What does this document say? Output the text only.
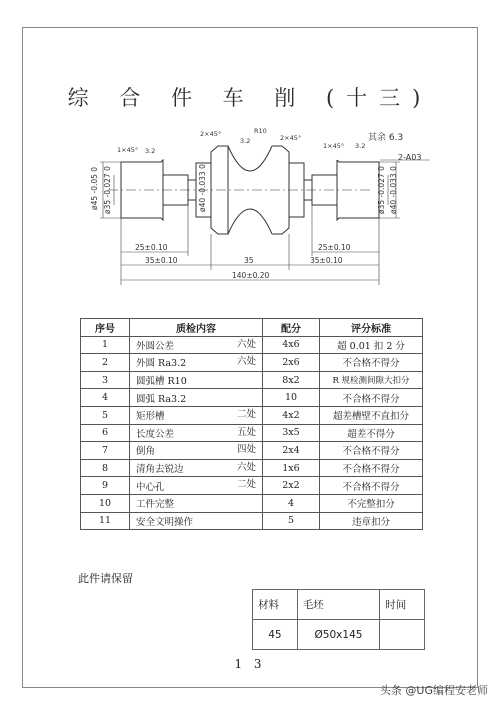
综 合 件 车 削 (十三)
ø45 -0.05 0 ø35 -0.027 0	ø40 -0.033 0	ø35 -0.027 0 ø40 -0.033 0
25±0.10
35±0.10	35
25±0.10
35±0.10
140±0.20
1×45°
2×45°	R10
2×45°
1×45°
3.2
3.2
3.2
其余 6.3
2-A03
序号	质检内容	配分	评分标准
1	外圆公差 六处	4x6	超 0.01 扣 2 分
2	外圆 Ra3.2 六处	2x6	不合格不得分
3	圆弧槽 R10	8x2	R 规检测间隙大扣分
4	圆弧 Ra3.2	10	不合格不得分
5	矩形槽 二处	4x2	超差槽壁不直扣分
6	长度公差 五处	3x5	超差不得分
7	倒角 四处	2x4	不合格不得分
8	清角去锐边 六处	1x6	不合格不得分
9	中心孔 二处	2x2	不合格不得分
10	工件完整	4	不完整扣分
11	安全文明操作	5	违章扣分
此件请保留
材料	毛坯	时间
45	Ø50x145	
1 3
头条 @UG编程安老师
